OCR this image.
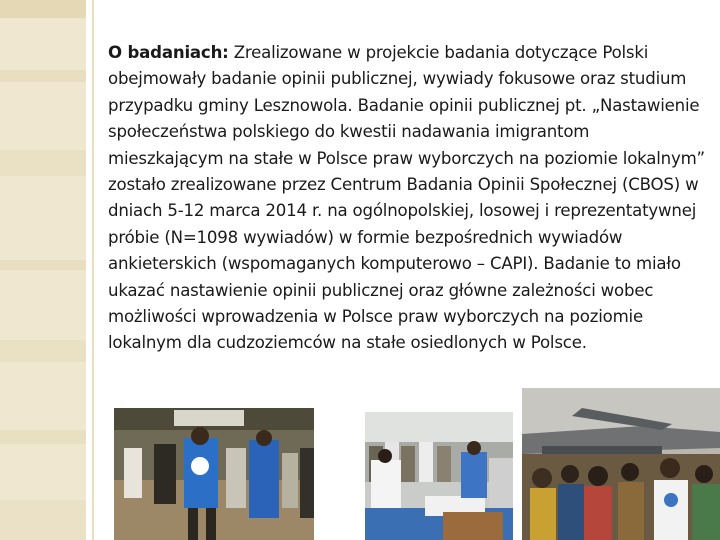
O badaniach: Zrealizowane w projekcie badania dotyczące Polski obejmowały badanie opinii publicznej, wywiady fokusowe oraz studium przypadku gminy Lesznowola. Badanie opinii publicznej pt. „Nastawienie społeczeństwa polskiego do kwestii nadawania imigrantom mieszkającym na stałe w Polsce praw wyborczych na poziomie lokalnym” zostało zrealizowane przez Centrum Badania Opinii Społecznej (CBOS) w dniach 5-12 marca 2014 r. na ogólnopolskiej, losowej i reprezentatywnej próbie (N=1098 wywiadów) w formie bezpośrednich wywiadów ankieterskich (wspomaganych komputerowo – CAPI). Badanie to miało ukazać nastawienie opinii publicznej oraz główne zależności wobec możliwości wprowadzenia w Polsce praw wyborczych na poziomie lokalnym dla cudzoziemców na stałe osiedlonych w Polsce.
